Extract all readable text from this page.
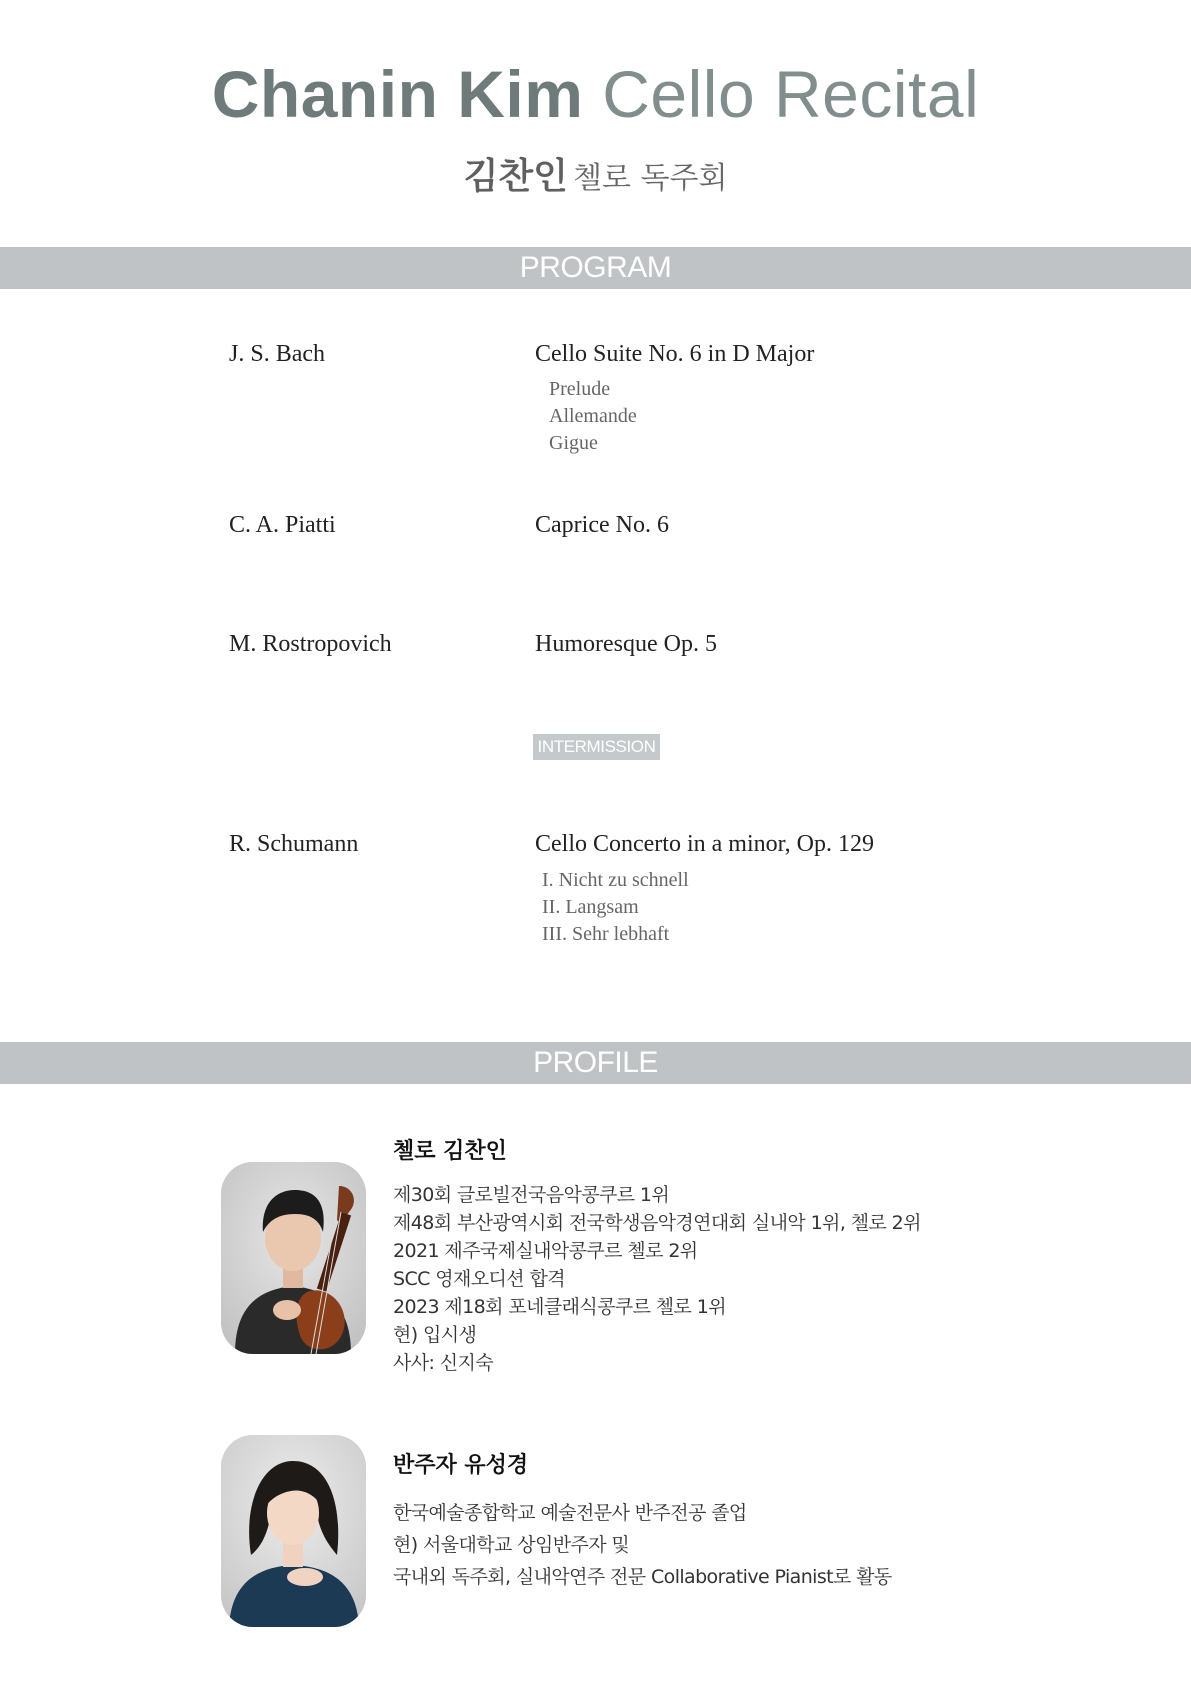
Chanin Kim Cello Recital
김찬인 첼로 독주회
PROGRAM
J. S. Bach	Cello Suite No. 6 in D Major
Prelude
Allemande
Gigue
C. A. Piatti	Caprice No. 6
M. Rostropovich	Humoresque Op. 5
INTERMISSION
R. Schumann	Cello Concerto in a minor, Op. 129
I. Nicht zu schnell
II. Langsam
III. Sehr lebhaft
PROFILE
첼로 김찬인
제30회 글로빌전국음악콩쿠르 1위
제48회 부산광역시회 전국학생음악경연대회 실내악 1위, 첼로 2위
2021 제주국제실내악콩쿠르 첼로 2위
SCC 영재오디션 합격
2023 제18회 포네클래식콩쿠르 첼로 1위
현) 입시생
사사: 신지숙
반주자 유성경
한국예술종합학교 예술전문사 반주전공 졸업
현) 서울대학교 상임반주자 및
국내외 독주회, 실내악연주 전문 Collaborative Pianist로 활동
